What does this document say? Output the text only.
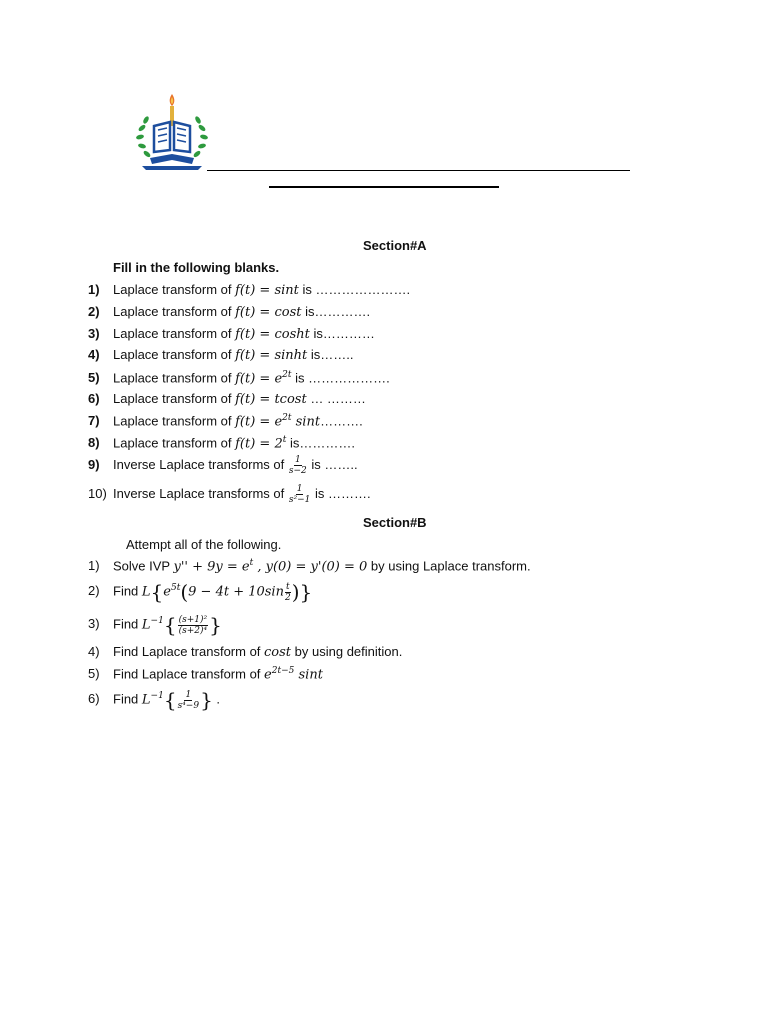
Section#A
Fill in the following blanks.
1) Laplace transform of f(t) = sint is ………………….
2) Laplace transform of f(t) = cost is………….
3) Laplace transform of f(t) = cosht is…………
4) Laplace transform of f(t) = sinht is……..
5) Laplace transform of $f(t) = e^{2t}$ is ……………….
6) Laplace transform of f(t) = tcost … ………
7) Laplace transform of $f(t) = e^{2t}$ sint……….
8) Laplace transform of $f(t) = 2^t$ is………….
9) Inverse Laplace transforms of $\frac{1}{s-2}$ is ……..
10) Inverse Laplace transforms of $\frac{1}{\text{s²−1}}$ is ……….
Section#B
Attempt all of the following.
1) Solve IVP $y'' + 9y = e^t$ , y(0) = y'(0) = 0 by using Laplace transform.
2) Find $L\{e^{5t}(9 - 4t + 10\sin \frac{t}{2}$ )}
3) Find $L^{-1}\{ \frac{\text{(s+1)²}}{\text{(s+2)⁴}}$ }
4) Find Laplace transform of cost by using definition.
5) Find Laplace transform of $e^{2t-5}$ sint
6) Find $L^{-1}\{ \frac{1}{\text{s⁴−9}}$ } .
